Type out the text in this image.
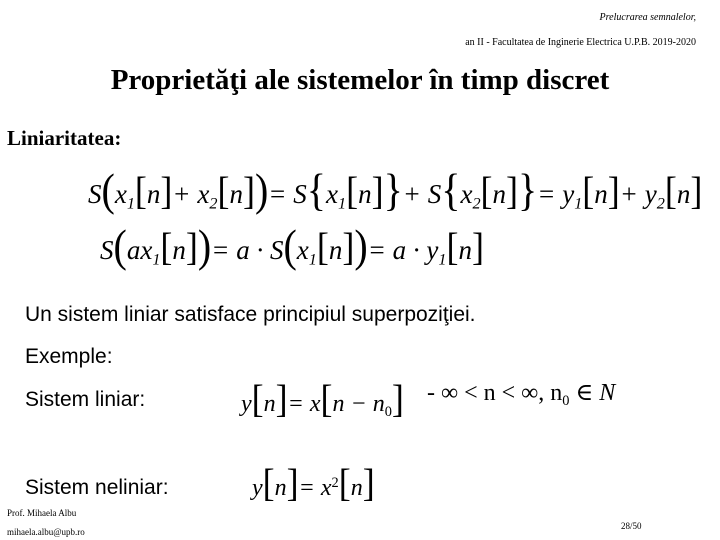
Prelucrarea semnalelor,
an II - Facultatea de Inginerie Electrica U.P.B. 2019-2020
Proprietăţi ale sistemelor în timp discret
Liniaritatea:
$S(x_1[n]+ x_2[n])= S\{x_1[n]\}+ S\{x_2[n]\}= y_1[n]+ y_2[n]$
$S(ax_1[n])= a \cdot S(x_1[n])= a \cdot y_1[n]$
Un sistem liniar satisface principiul superpoziţiei.
Exemple:
Sistem liniar:	$y[n]= x[n - n_0]$ - ∞ < n < ∞, $n_0$ ∈ N
Sistem neliniar:	$y[n]= x^2[n]$
Prof. Mihaela Albu
mihaela.albu@upb.ro
28/50
